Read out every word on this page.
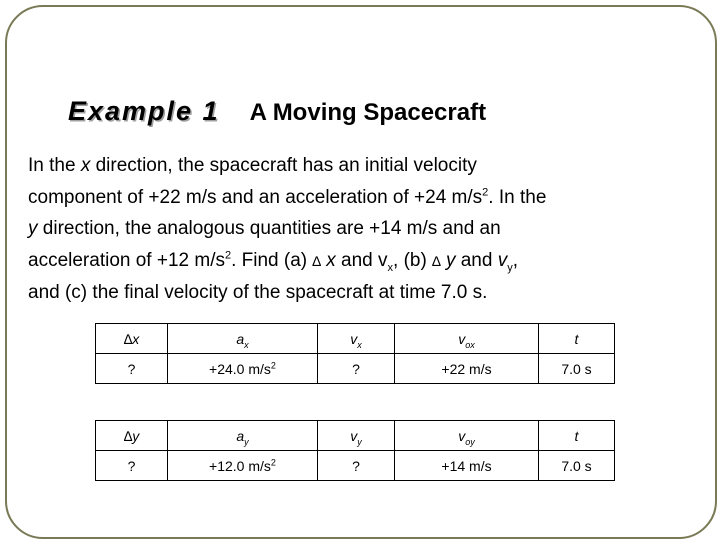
Example 1 A Moving Spacecraft
In the x direction, the spacecraft has an initial velocity
component of +22 m/s and an acceleration of +24 $m/s^2$. In the
y direction, the analogous quantities are +14 m/s and an
acceleration of +12 $m/s^2$. Find (a) ∆ x and $v_x$, (b) ∆ y and $v_y$,
and (c) the final velocity of the spacecraft at time 7.0 s.
∆x	$a_x$	$v_x$	$v_{ox}$	t
?	+24.0 $m/s^2$	?	+22 m/s	7.0 s
∆y	$a_y$	$v_y$	$v_{oy}$	t
?	+12.0 $m/s^2$	?	+14 m/s	7.0 s
